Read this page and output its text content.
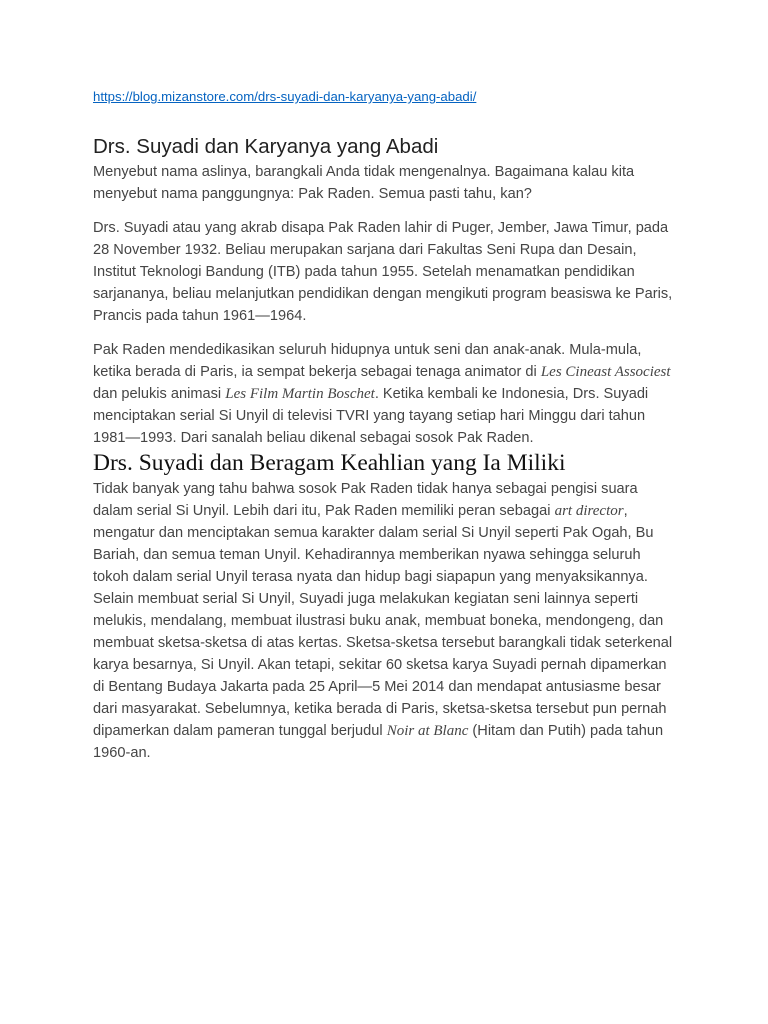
https://blog.mizanstore.com/drs-suyadi-dan-karyanya-yang-abadi/
Drs. Suyadi dan Karyanya yang Abadi

Menyebut nama aslinya, barangkali Anda tidak mengenalnya. Bagaimana kalau kita menyebut nama panggungnya: Pak Raden. Semua pasti tahu, kan?

Drs. Suyadi atau yang akrab disapa Pak Raden lahir di Puger, Jember, Jawa Timur, pada 28 November 1932. Beliau merupakan sarjana dari Fakultas Seni Rupa dan Desain, Institut Teknologi Bandung (ITB) pada tahun 1955. Setelah menamatkan pendidikan sarjananya, beliau melanjutkan pendidikan dengan mengikuti program beasiswa ke Paris, Prancis pada tahun 1961—1964.

Pak Raden mendedikasikan seluruh hidupnya untuk seni dan anak-anak. Mula-mula, ketika berada di Paris, ia sempat bekerja sebagai tenaga animator di Les Cineast Associest dan pelukis animasi Les Film Martin Boschet. Ketika kembali ke Indonesia, Drs. Suyadi menciptakan serial Si Unyil di televisi TVRI yang tayang setiap hari Minggu dari tahun 1981—1993. Dari sanalah beliau dikenal sebagai sosok Pak Raden.

Drs. Suyadi dan Beragam Keahlian yang Ia Miliki

Tidak banyak yang tahu bahwa sosok Pak Raden tidak hanya sebagai pengisi suara dalam serial Si Unyil. Lebih dari itu, Pak Raden memiliki peran sebagai art director, mengatur dan menciptakan semua karakter dalam serial Si Unyil seperti Pak Ogah, Bu Bariah, dan semua teman Unyil. Kehadirannya memberikan nyawa sehingga seluruh tokoh dalam serial Unyil terasa nyata dan hidup bagi siapapun yang menyaksikannya. Selain membuat serial Si Unyil, Suyadi juga melakukan kegiatan seni lainnya seperti melukis, mendalang, membuat ilustrasi buku anak, membuat boneka, mendongeng, dan membuat sketsa-sketsa di atas kertas. Sketsa-sketsa tersebut barangkali tidak seterkenal karya besarnya, Si Unyil. Akan tetapi, sekitar 60 sketsa karya Suyadi pernah dipamerkan di Bentang Budaya Jakarta pada 25 April—5 Mei 2014 dan mendapat antusiasme besar dari masyarakat. Sebelumnya, ketika berada di Paris, sketsa-sketsa tersebut pun pernah dipamerkan dalam pameran tunggal berjudul Noir at Blanc (Hitam dan Putih) pada tahun 1960-an.
